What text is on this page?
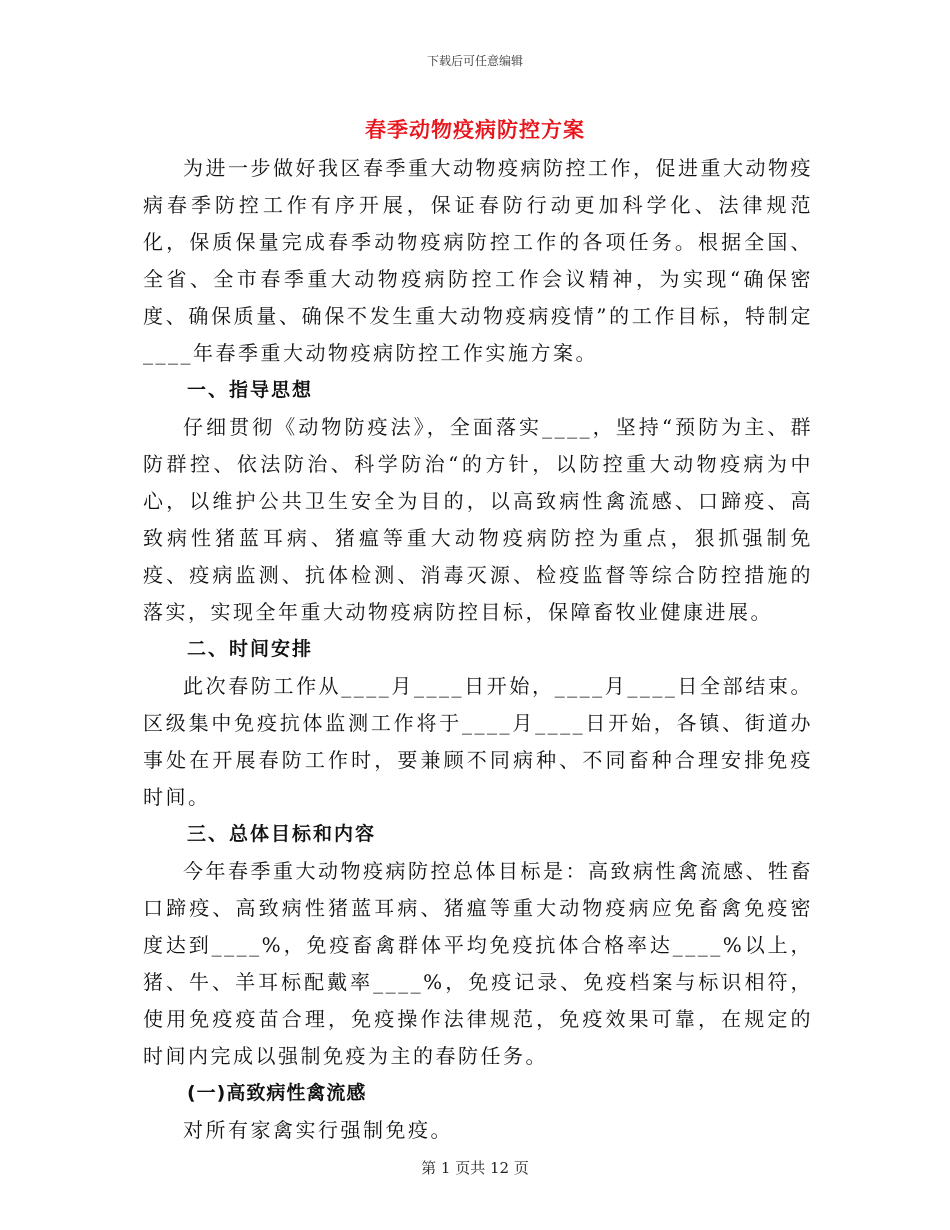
下载后可任意编辑
春季动物疫病防控方案

为进一步做好我区春季重大动物疫病防控工作，促进重大动物疫病春季防控工作有序开展，保证春防行动更加科学化、法律规范化，保质保量完成春季动物疫病防控工作的各项任务。根据全国、全省、全市春季重大动物疫病防控工作会议精神，为实现“确保密度、确保质量、确保不发生重大动物疫病疫情”的工作目标，特制定____年春季重大动物疫病防控工作实施方案。

一、指导思想

仔细贯彻《动物防疫法》，全面落实____，坚持“预防为主、群防群控、依法防治、科学防治“的方针，以防控重大动物疫病为中心，以维护公共卫生安全为目的，以高致病性禽流感、口蹄疫、高致病性猪蓝耳病、猪瘟等重大动物疫病防控为重点，狠抓强制免疫、疫病监测、抗体检测、消毒灭源、检疫监督等综合防控措施的落实，实现全年重大动物疫病防控目标，保障畜牧业健康进展。

二、时间安排

此次春防工作从____月____日开始，____月____日全部结束。区级集中免疫抗体监测工作将于____月____日开始，各镇、街道办事处在开展春防工作时，要兼顾不同病种、不同畜种合理安排免疫时间。

三、总体目标和内容

今年春季重大动物疫病防控总体目标是：高致病性禽流感、牲畜口蹄疫、高致病性猪蓝耳病、猪瘟等重大动物疫病应免畜禽免疫密度达到____%，免疫畜禽群体平均免疫抗体合格率达____%以上，猪、牛、羊耳标配戴率____%，免疫记录、免疫档案与标识相符，使用免疫疫苗合理，免疫操作法律规范，免疫效果可靠，在规定的时间内完成以强制免疫为主的春防任务。

(一)高致病性禽流感

对所有家禽实行强制免疫。

第 1 页共 12 页
